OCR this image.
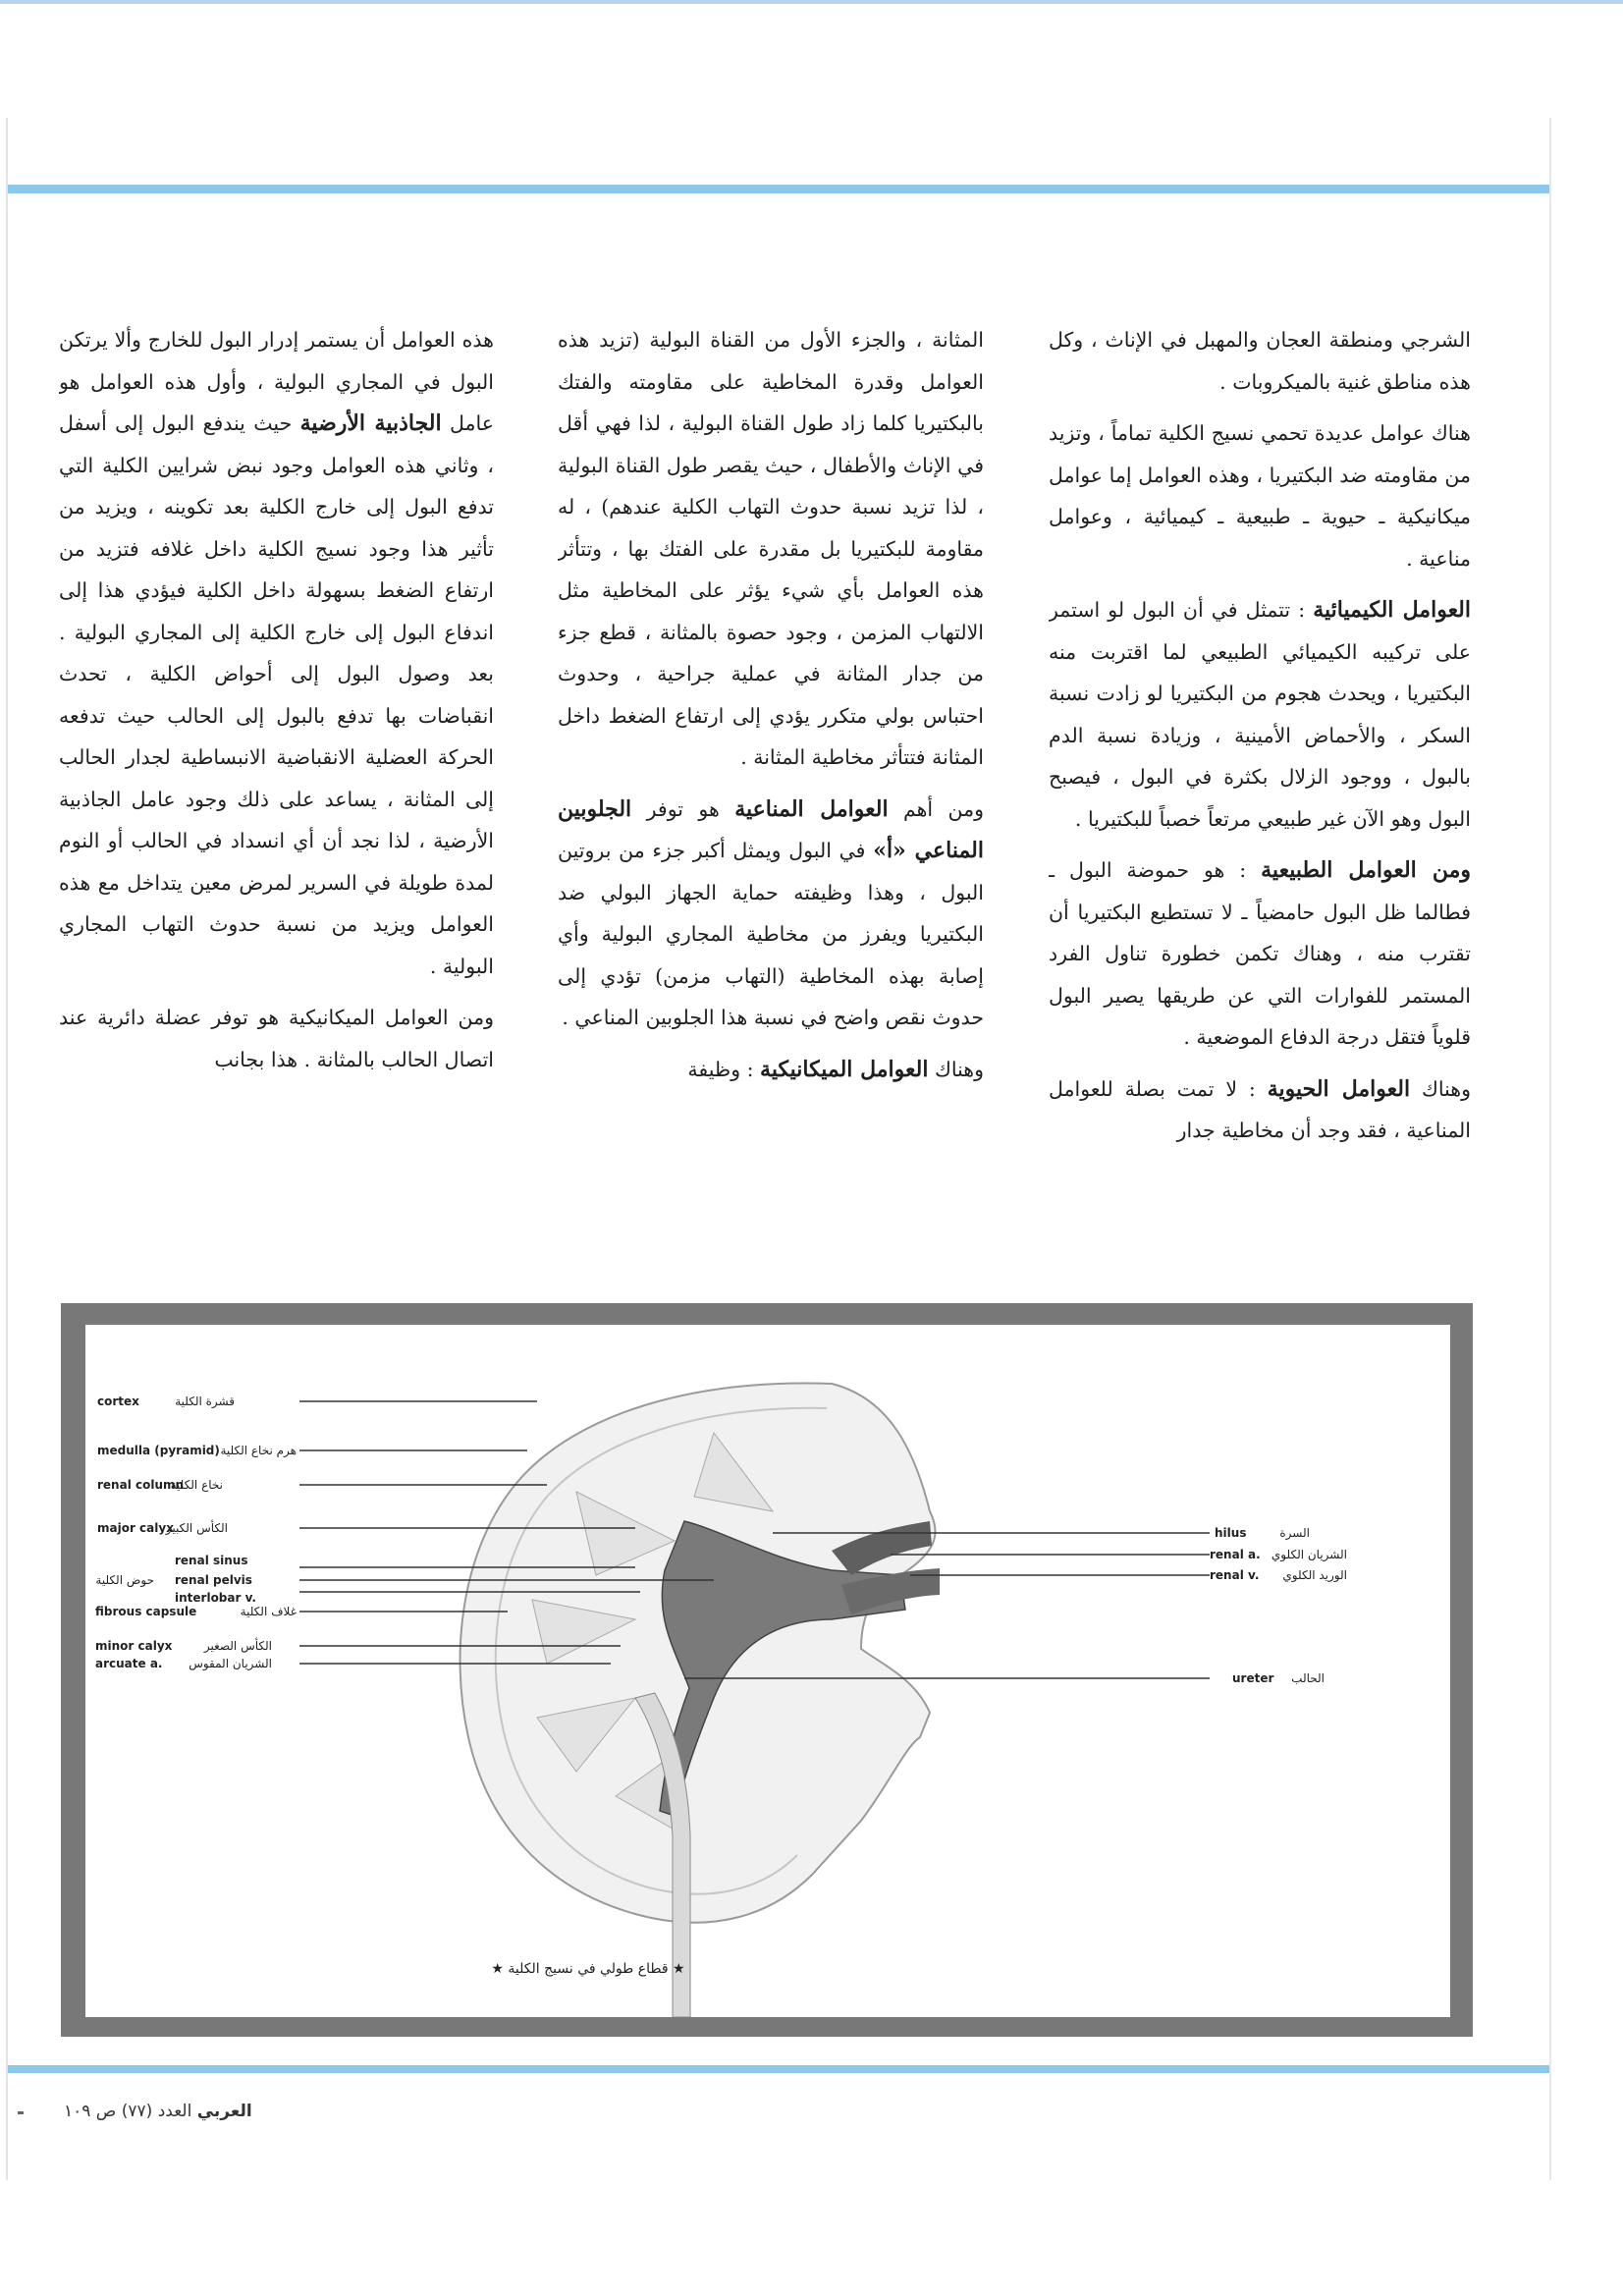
الشرجي ومنطقة العجان والمهبل في الإناث ، وكل هذه مناطق غنية بالميكروبات .

هناك عوامل عديدة تحمي نسيج الكلية تماماً ، وتزيد من مقاومته ضد البكتيريا ، وهذه العوامل إما عوامل ميكانيكية ـ حيوية ـ طبيعية ـ كيميائية ، وعوامل مناعية .

العوامل الكيميائية : تتمثل في أن البول لو استمر على تركيبه الكيميائي الطبيعي لما اقتربت منه البكتيريا ، ويحدث هجوم من البكتيريا لو زادت نسبة السكر ، والأحماض الأمينية ، وزيادة نسبة الدم بالبول ، ووجود الزلال بكثرة في البول ، فيصبح البول وهو الآن غير طبيعي مرتعاً خصباً للبكتيريا .

ومن العوامل الطبيعية : هو حموضة البول ـ فطالما ظل البول حامضياً ـ لا تستطيع البكتيريا أن تقترب منه ، وهناك تكمن خطورة تناول الفرد المستمر للفوارات التي عن طريقها يصير البول قلوياً فتقل درجة الدفاع الموضعية .

وهناك العوامل الحيوية : لا تمت بصلة للعوامل المناعية ، فقد وجد أن مخاطية جدار

المثانة ، والجزء الأول من القناة البولية (تزيد هذه العوامل وقدرة المخاطية على مقاومته والفتك بالبكتيريا كلما زاد طول القناة البولية ، لذا فهي أقل في الإناث والأطفال ، حيث يقصر طول القناة البولية ، لذا تزيد نسبة حدوث التهاب الكلية عندهم) ، له مقاومة للبكتيريا بل مقدرة على الفتك بها ، وتتأثر هذه العوامل بأي شيء يؤثر على المخاطية مثل الالتهاب المزمن ، وجود حصوة بالمثانة ، قطع جزء من جدار المثانة في عملية جراحية ، وحدوث احتباس بولي متكرر يؤدي إلى ارتفاع الضغط داخل المثانة فتتأثر مخاطية المثانة .

ومن أهم العوامل المناعية هو توفر الجلوبين المناعي «أ» في البول ويمثل أكبر جزء من بروتين البول ، وهذا وظيفته حماية الجهاز البولي ضد البكتيريا ويفرز من مخاطية المجاري البولية وأي إصابة بهذه المخاطية (التهاب مزمن) تؤدي إلى حدوث نقص واضح في نسبة هذا الجلوبين المناعي .

وهناك العوامل الميكانيكية : وظيفة

هذه العوامل أن يستمر إدرار البول للخارج وألا يرتكن البول في المجاري البولية ، وأول هذه العوامل هو عامل الجاذبية الأرضية حيث يندفع البول إلى أسفل ، وثاني هذه العوامل وجود نبض شرايين الكلية التي تدفع البول إلى خارج الكلية بعد تكوينه ، ويزيد من تأثير هذا وجود نسيج الكلية داخل غلافه فتزيد من ارتفاع الضغط بسهولة داخل الكلية فيؤدي هذا إلى اندفاع البول إلى خارج الكلية إلى المجاري البولية . بعد وصول البول إلى أحواض الكلية ، تحدث انقباضات بها تدفع بالبول إلى الحالب حيث تدفعه الحركة العضلية الانقباضية الانبساطية لجدار الحالب إلى المثانة ، يساعد على ذلك وجود عامل الجاذبية الأرضية ، لذا نجد أن أي انسداد في الحالب أو النوم لمدة طويلة في السرير لمرض معين يتداخل مع هذه العوامل ويزيد من نسبة حدوث التهاب المجاري البولية .

ومن العوامل الميكانيكية هو توفر عضلة دائرية عند اتصال الحالب بالمثانة . هذا بجانب

cortex	قشرة الكلية
medulla (pyramid) هرم نخاع الكلية
renal column
نخاع الكلية
major calyx
الكأس الكبير
renal sinus
renal pelvis
حوض الكلية
interlobar v.
fibrous capsule	غلاف الكلية
minor calyx	الكأس الصغير
arcuate a. الشريان المقوس
hilus	السرة
renal a. الشريان الكلوي
renal v. الوريد الكلوي
ureter الحالب
★ قطاع طولي في نسيج الكلية ★
العربي العدد (٧٧) ص ١٠٩
